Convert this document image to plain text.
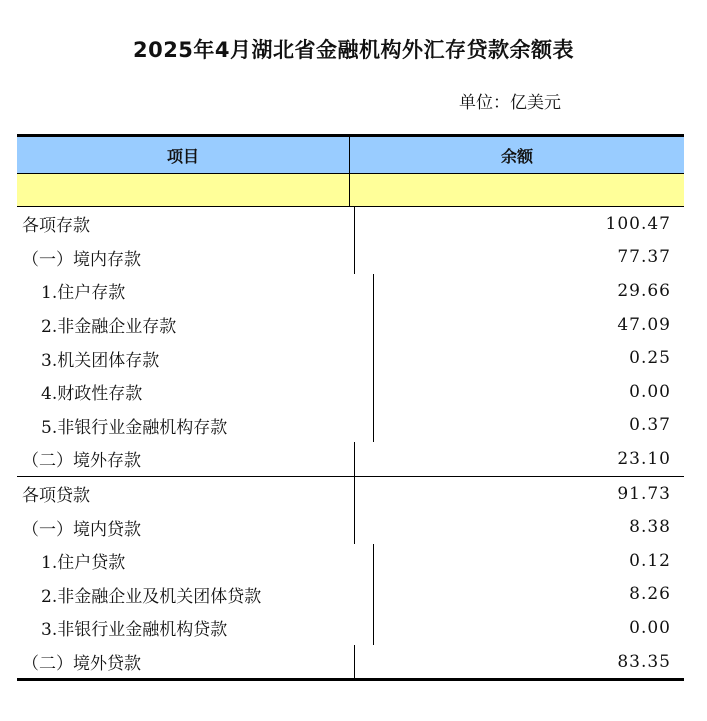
2025年4月湖北省金融机构外汇存贷款余额表
单位：亿美元
项目	余额
各项存款	100.47
（一）境内存款	77.37
1.住户存款	29.66
2.非金融企业存款	47.09
3.机关团体存款	0.25
4.财政性存款	0.00
5.非银行业金融机构存款	0.37
（二）境外存款	23.10
各项贷款	91.73
（一）境内贷款	8.38
1.住户贷款	0.12
2.非金融企业及机关团体贷款	8.26
3.非银行业金融机构贷款	0.00
（二）境外贷款	83.35
